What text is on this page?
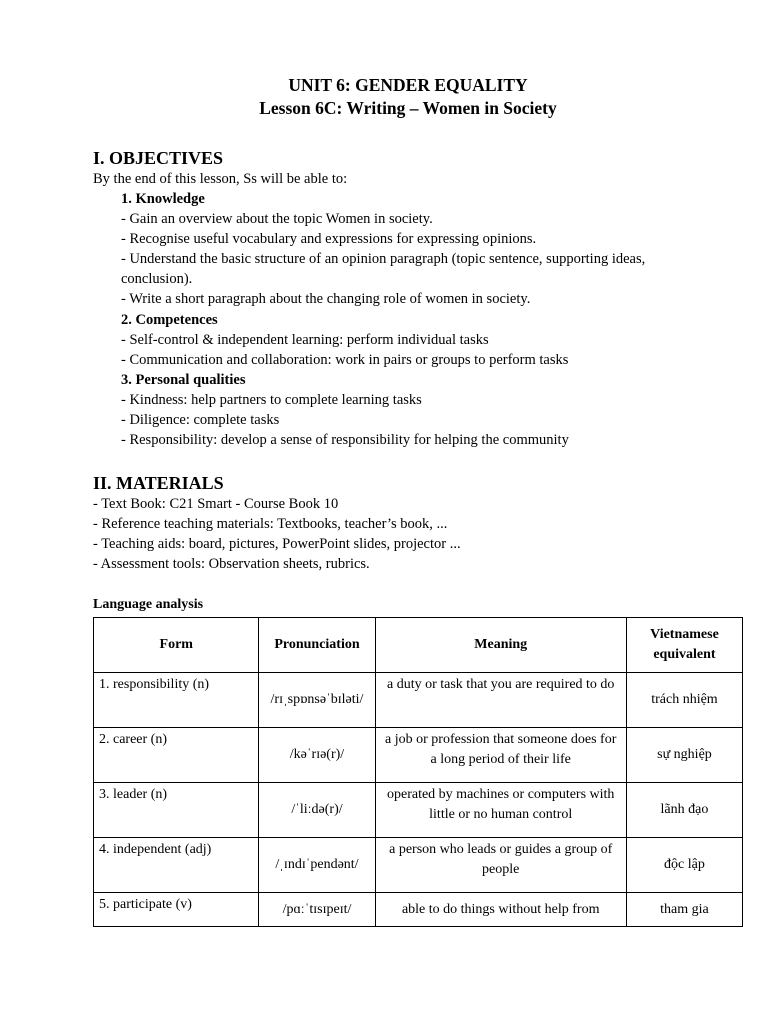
UNIT 6: GENDER EQUALITY
Lesson 6C: Writing – Women in Society
I. OBJECTIVES
By the end of this lesson, Ss will be able to:
1. Knowledge
- Gain an overview about the topic Women in society.
- Recognise useful vocabulary and expressions for expressing opinions.
- Understand the basic structure of an opinion paragraph (topic sentence, supporting ideas,
conclusion).
- Write a short paragraph about the changing role of women in society.
2. Competences
- Self-control & independent learning: perform individual tasks
- Communication and collaboration: work in pairs or groups to perform tasks
3. Personal qualities
- Kindness: help partners to complete learning tasks
- Diligence: complete tasks
- Responsibility: develop a sense of responsibility for helping the community
II. MATERIALS
- Text Book: C21 Smart - Course Book 10
- Reference teaching materials: Textbooks, teacher’s book, ...
- Teaching aids: board, pictures, PowerPoint slides, projector ...
- Assessment tools: Observation sheets, rubrics.
Language analysis
Form	Pronunciation	Meaning	Vietnamese equivalent
1. responsibility (n)	/rɪˌspɒnsəˈbɪləti/	a duty or task that you are required to do	trách nhiệm
2. career (n)	/kəˈrɪə(r)/	a job or profession that someone does for a long period of their life	sự nghiệp
3. leader (n)	/ˈliːdə(r)/	operated by machines or computers with little or no human control	lãnh đạo
4. independent (adj)	/ˌɪndɪˈpendənt/	a person who leads or guides a group of people	độc lập
5. participate (v)	/pɑːˈtɪsɪpeɪt/	able to do things without help from	tham gia
